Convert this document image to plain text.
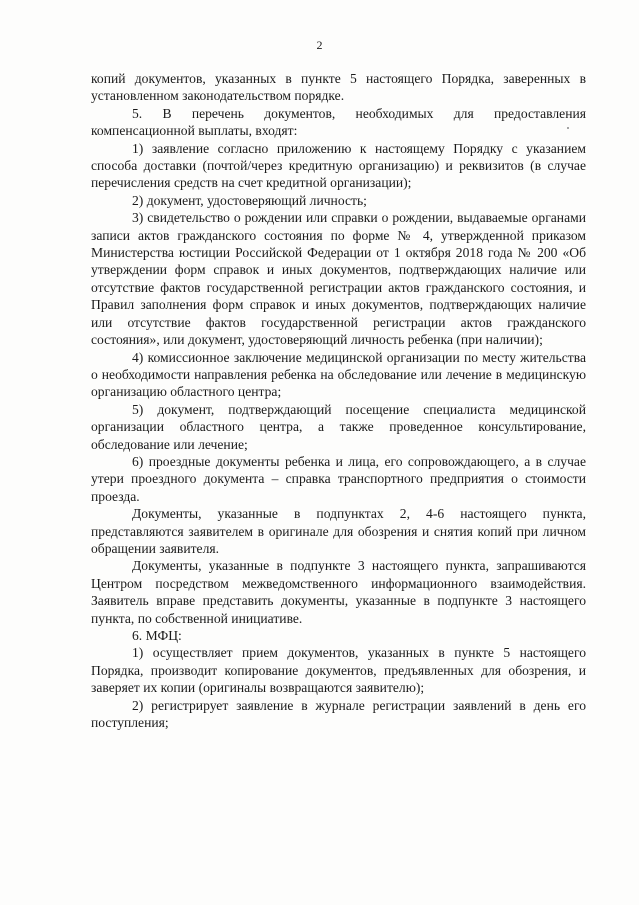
2

копий документов, указанных в пункте 5 настоящего Порядка, заверенных в установленном законодательством порядке.

5. В перечень документов, необходимых для предоставления компенсационной выплаты, входят:

1) заявление согласно приложению к настоящему Порядку с указанием способа доставки (почтой/через кредитную организацию) и реквизитов (в случае перечисления средств на счет кредитной организации);

2) документ, удостоверяющий личность;

3) свидетельство о рождении или справки о рождении, выдаваемые органами записи актов гражданского состояния по форме № 4, утвержденной приказом Министерства юстиции Российской Федерации от 1 октября 2018 года № 200 «Об утверждении форм справок и иных документов, подтверждающих наличие или отсутствие фактов государственной регистрации актов гражданского состояния, и Правил заполнения форм справок и иных документов, подтверждающих наличие или отсутствие фактов государственной регистрации актов гражданского состояния», или документ, удостоверяющий личность ребенка (при наличии);

4) комиссионное заключение медицинской организации по месту жительства о необходимости направления ребенка на обследование или лечение в медицинскую организацию областного центра;

5) документ, подтверждающий посещение специалиста медицинской организации областного центра, а также проведенное консультирование, обследование или лечение;

6) проездные документы ребенка и лица, его сопровождающего, а в случае утери проездного документа – справка транспортного предприятия о стоимости проезда.

Документы, указанные в подпунктах 2, 4-6 настоящего пункта, представляются заявителем в оригинале для обозрения и снятия копий при личном обращении заявителя.

Документы, указанные в подпункте 3 настоящего пункта, запрашиваются Центром посредством межведомственного информационного взаимодействия. Заявитель вправе представить документы, указанные в подпункте 3 настоящего пункта, по собственной инициативе.

6. МФЦ:

1) осуществляет прием документов, указанных в пункте 5 настоящего Порядка, производит копирование документов, предъявленных для обозрения, и заверяет их копии (оригиналы возвращаются заявителю);

2) регистрирует заявление в журнале регистрации заявлений в день его поступления;
